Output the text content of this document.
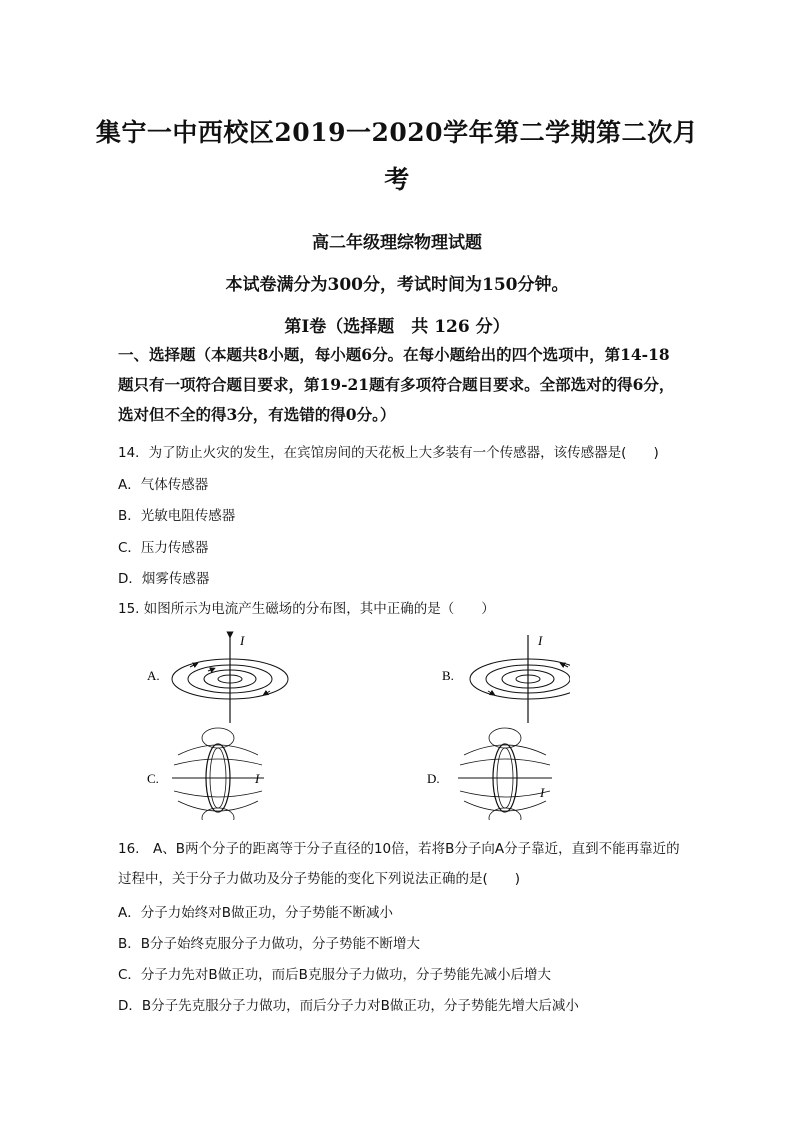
集宁一中西校区2019一2020学年第二学期第二次月
考
高二年级理综物理试题
本试卷满分为300分，考试时间为150分钟。
第Ⅰ卷（选择题　共 126 分）
一、选择题（本题共8小题，每小题6分。在每小题给出的四个选项中，第14-18题只有一项符合题目要求，第19-21题有多项符合题目要求。全部选对的得6分，选对但不全的得3分，有选错的得0分。）
14．为了防止火灾的发生，在宾馆房间的天花板上大多装有一个传感器，该传感器是(　　)
A．气体传感器
B．光敏电阻传感器
C．压力传感器
D．烟雾传感器
15. 如图所示为电流产生磁场的分布图，其中正确的是（　　）
A.
I
B.
I
C.	I	D.
I
16.　A、B两个分子的距离等于分子直径的10倍，若将B分子向A分子靠近，直到不能再靠近的过程中，关于分子力做功及分子势能的变化下列说法正确的是(　　)
A．分子力始终对B做正功，分子势能不断减小
B．B分子始终克服分子力做功，分子势能不断增大
C．分子力先对B做正功，而后B克服分子力做功，分子势能先减小后增大
D．B分子先克服分子力做功，而后分子力对B做正功，分子势能先增大后减小
